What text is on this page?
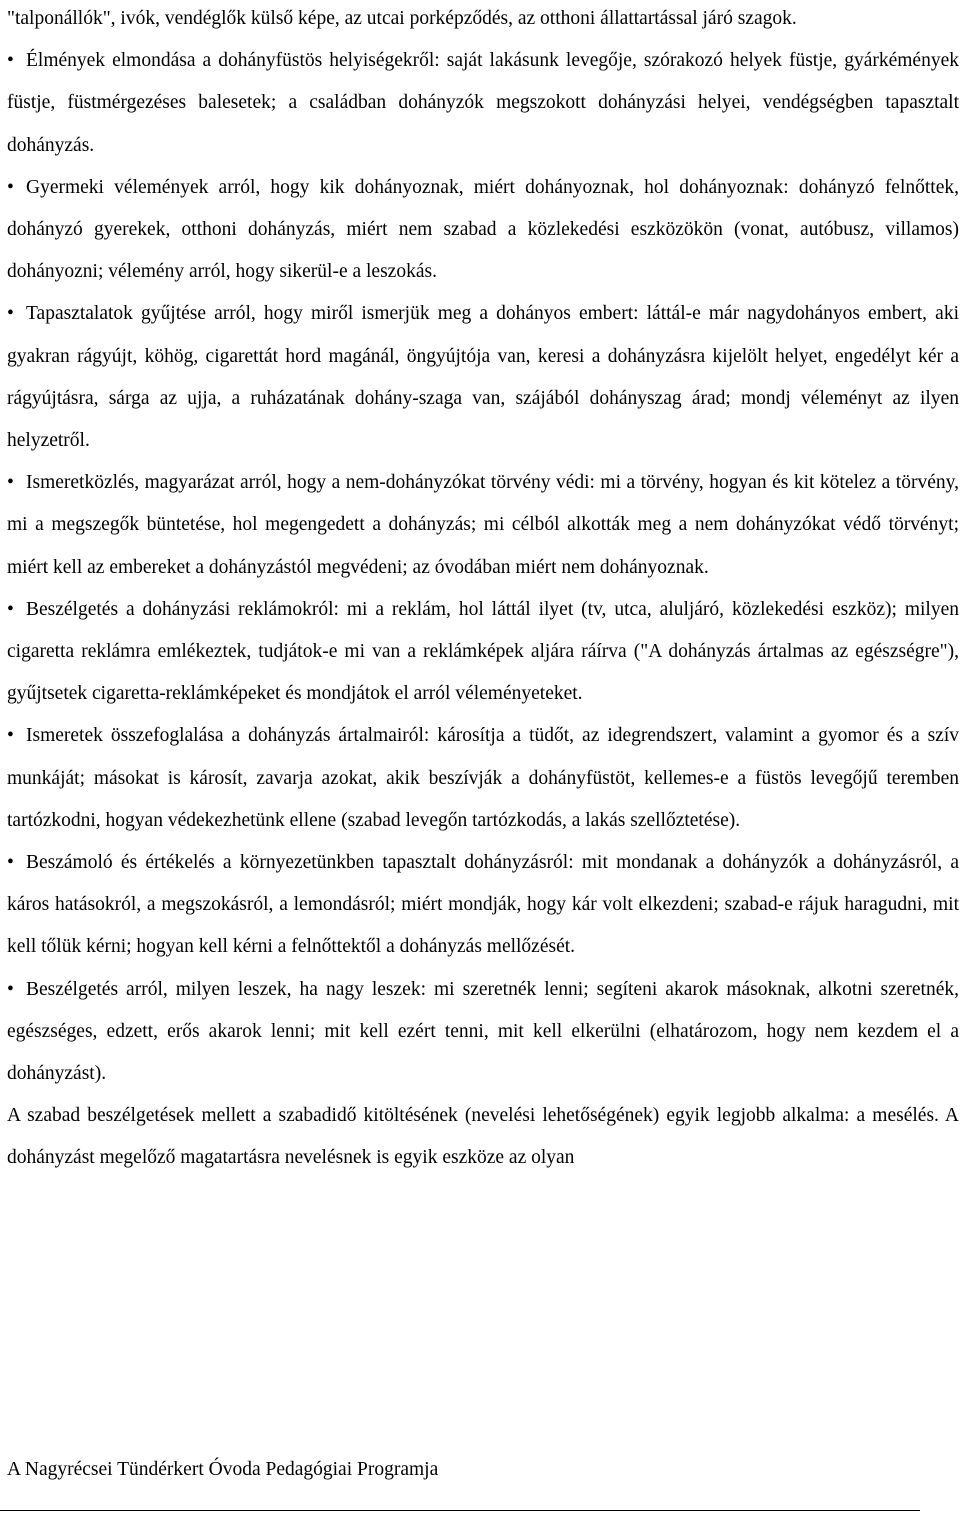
"talponállók", ivók, vendéglők külső képe, az utcai porképződés, az otthoni állattartással járó szagok.

• Élmények elmondása a dohányfüstös helyiségekről: saját lakásunk levegője, szórakozó helyek füstje, gyárkémények füstje, füstmérgezéses balesetek; a családban dohányzók megszokott dohányzási helyei, vendégségben tapasztalt dohányzás.

• Gyermeki vélemények arról, hogy kik dohányoznak, miért dohányoznak, hol dohányoznak: dohányzó felnőttek, dohányzó gyerekek, otthoni dohányzás, miért nem szabad a közlekedési eszközökön (vonat, autóbusz, villamos) dohányozni; vélemény arról, hogy sikerül-e a leszokás.

• Tapasztalatok gyűjtése arról, hogy miről ismerjük meg a dohányos embert: láttál-e már nagydohányos embert, aki gyakran rágyújt, köhög, cigarettát hord magánál, öngyújtója van, keresi a dohányzásra kijelölt helyet, engedélyt kér a rágyújtásra, sárga az ujja, a ruházatának dohány-szaga van, szájából dohányszag árad; mondj véleményt az ilyen helyzetről.

• Ismeretközlés, magyarázat arról, hogy a nem-dohányzókat törvény védi: mi a törvény, hogyan és kit kötelez a törvény, mi a megszegők büntetése, hol megengedett a dohányzás; mi célból alkották meg a nem dohányzókat védő törvényt; miért kell az embereket a dohányzástól megvédeni; az óvodában miért nem dohányoznak.

• Beszélgetés a dohányzási reklámokról: mi a reklám, hol láttál ilyet (tv, utca, aluljáró, közlekedési eszköz); milyen cigaretta reklámra emlékeztek, tudjátok-e mi van a reklámképek aljára ráírva ("A dohányzás ártalmas az egészségre"), gyűjtsetek cigaretta-reklámképeket és mondjátok el arról véleményeteket.

• Ismeretek összefoglalása a dohányzás ártalmairól: károsítja a tüdőt, az idegrendszert, valamint a gyomor és a szív munkáját; másokat is károsít, zavarja azokat, akik beszívják a dohányfüstöt, kellemes-e a füstös levegőjű teremben tartózkodni, hogyan védekezhetünk ellene (szabad levegőn tartózkodás, a lakás szellőztetése).

• Beszámoló és értékelés a környezetünkben tapasztalt dohányzásról: mit mondanak a dohányzók a dohányzásról, a káros hatásokról, a megszokásról, a lemondásról; miért mondják, hogy kár volt elkezdeni; szabad-e rájuk haragudni, mit kell tőlük kérni; hogyan kell kérni a felnőttektől a dohányzás mellőzését.

• Beszélgetés arról, milyen leszek, ha nagy leszek: mi szeretnék lenni; segíteni akarok másoknak, alkotni szeretnék, egészséges, edzett, erős akarok lenni; mit kell ezért tenni, mit kell elkerülni (elhatározom, hogy nem kezdem el a dohányzást).

A szabad beszélgetések mellett a szabadidő kitöltésének (nevelési lehetőségének) egyik legjobb alkalma: a mesélés. A dohányzást megelőző magatartásra nevelésnek is egyik eszköze az olyan

A Nagyrécsei Tündérkert Óvoda Pedagógiai Programja
